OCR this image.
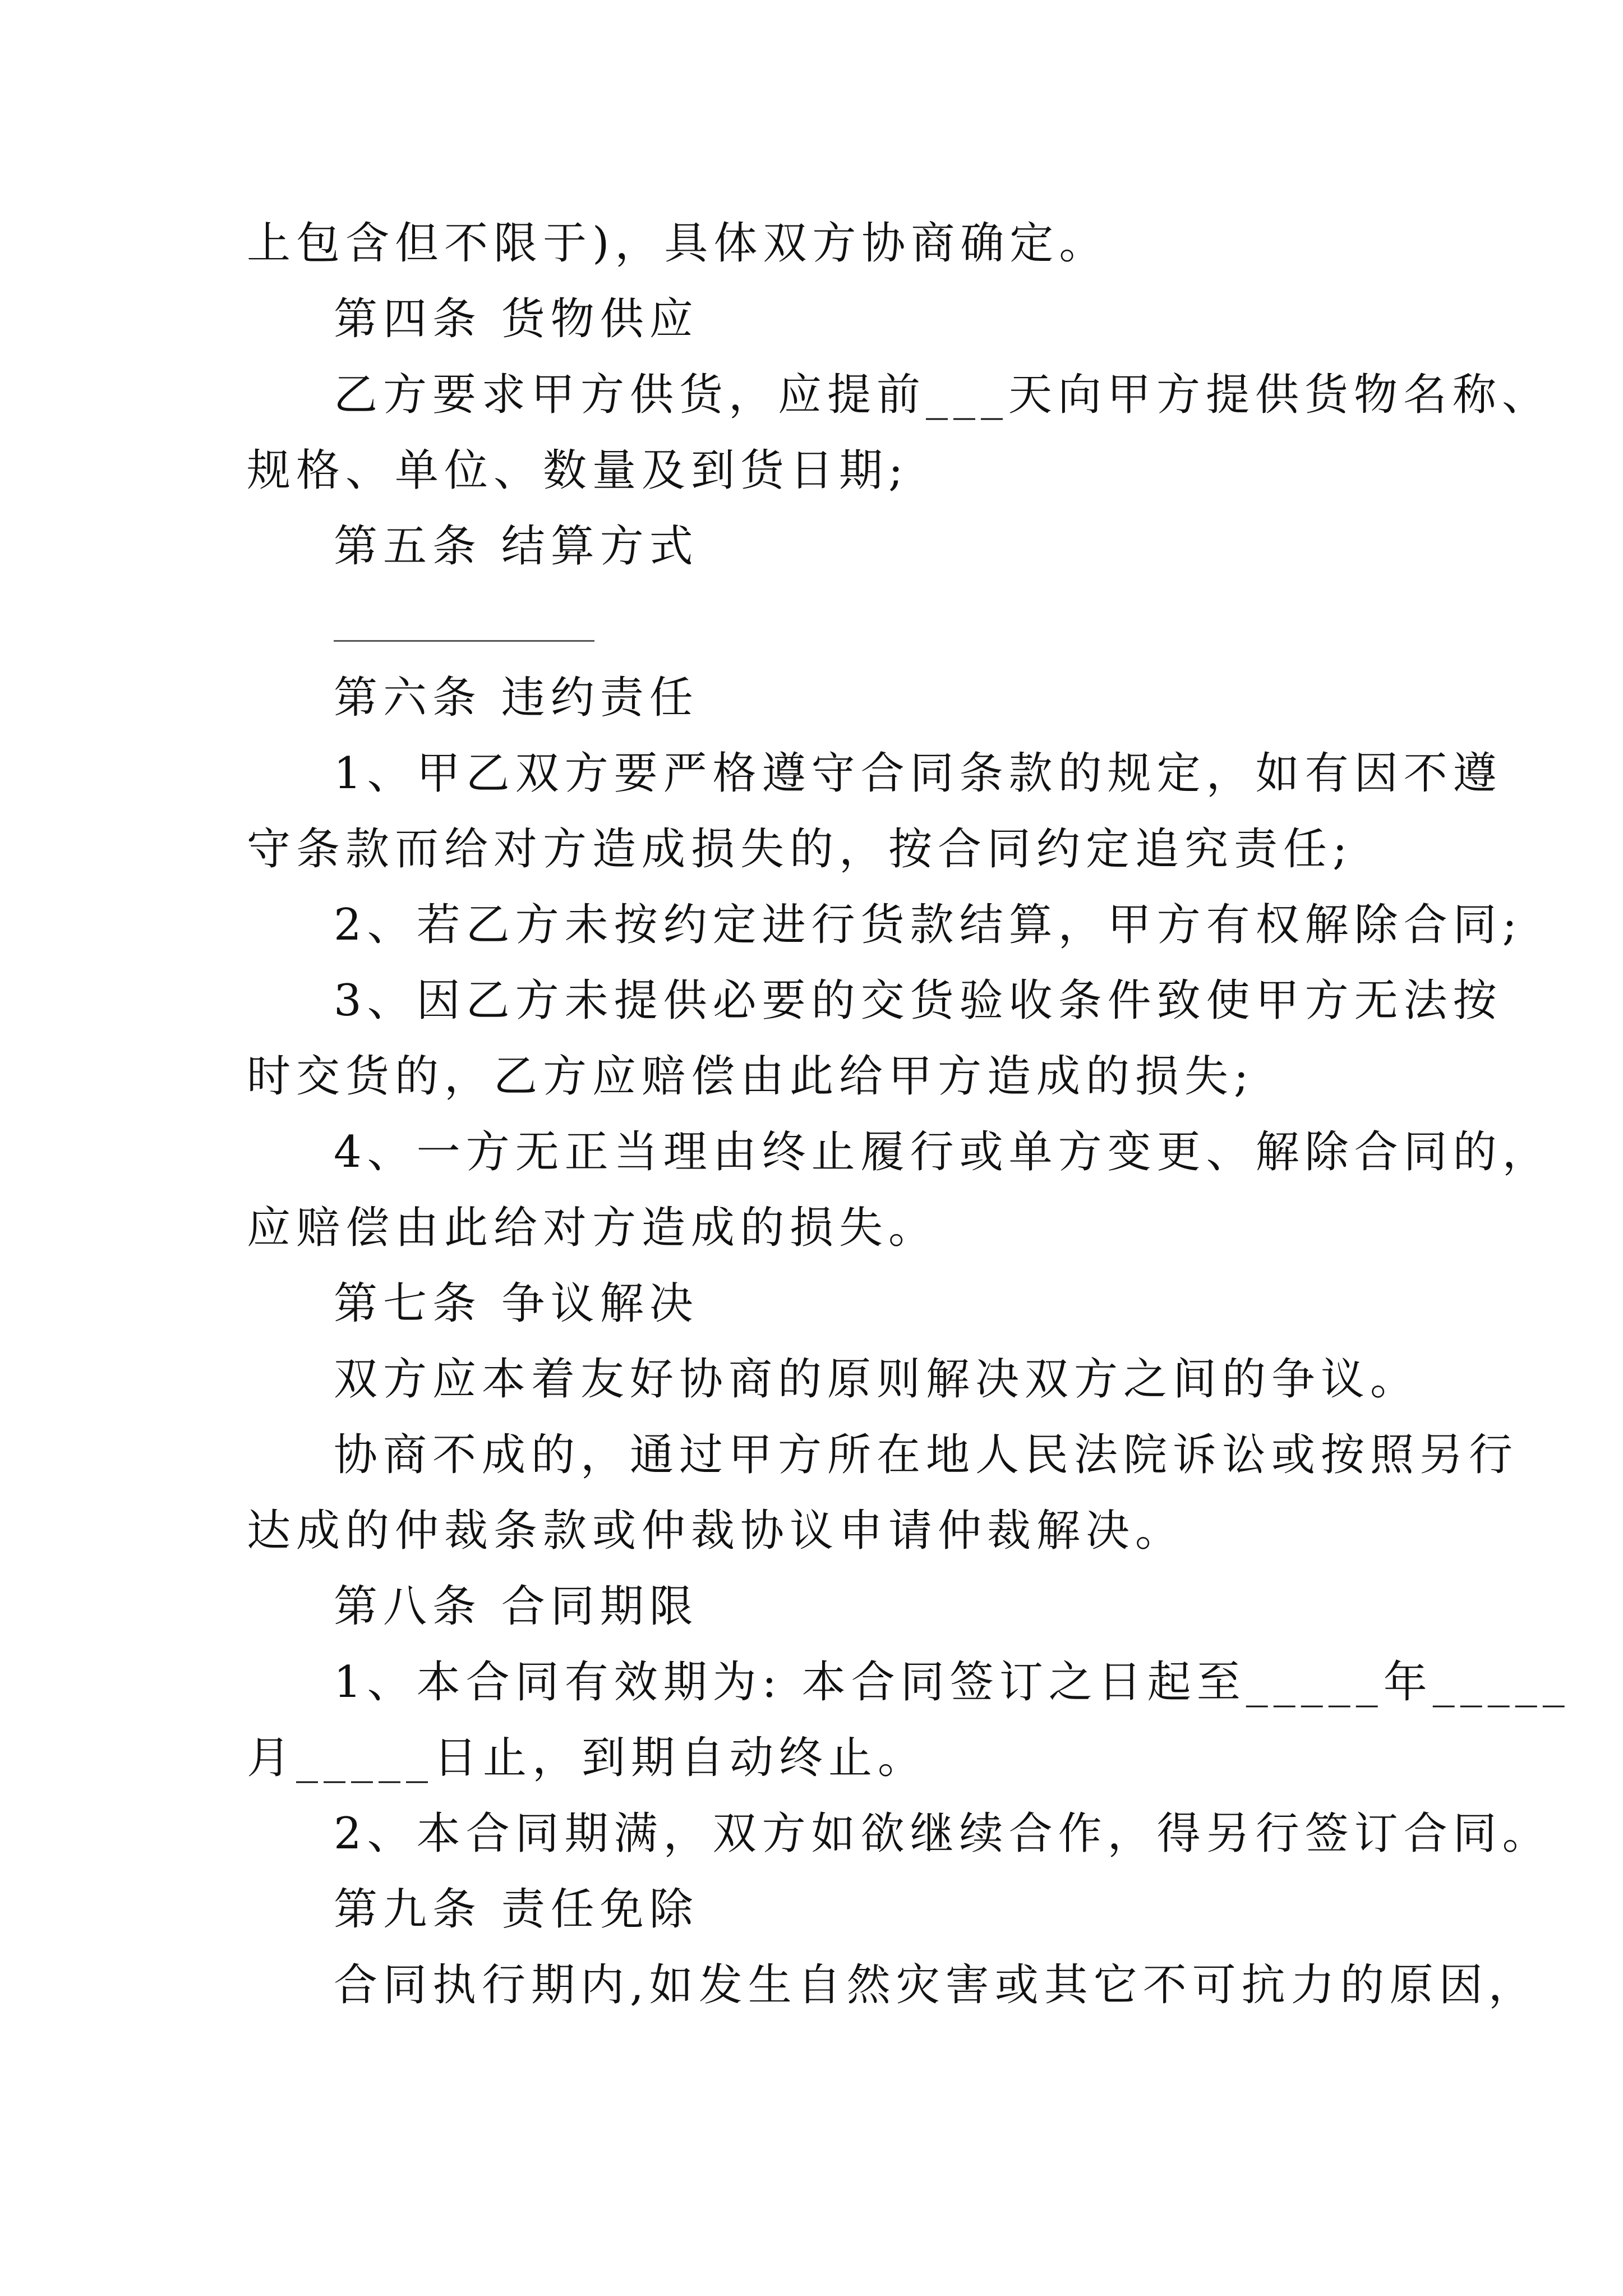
上包含但不限于)，具体双方协商确定。
第四条 货物供应
乙方要求甲方供货，应提前___天向甲方提供货物名称、
规格、单位、数量及到货日期;
第五条 结算方式
第六条 违约责任
1、甲乙双方要严格遵守合同条款的规定，如有因不遵
守条款而给对方造成损失的，按合同约定追究责任;
2、若乙方未按约定进行货款结算，甲方有权解除合同;
3、因乙方未提供必要的交货验收条件致使甲方无法按
时交货的，乙方应赔偿由此给甲方造成的损失;
4、一方无正当理由终止履行或单方变更、解除合同的，
应赔偿由此给对方造成的损失。
第七条 争议解决
双方应本着友好协商的原则解决双方之间的争议。
协商不成的，通过甲方所在地人民法院诉讼或按照另行
达成的仲裁条款或仲裁协议申请仲裁解决。
第八条 合同期限
1、本合同有效期为: 本合同签订之日起至_____年_____
月_____日止，到期自动终止。
2、本合同期满，双方如欲继续合作，得另行签订合同。
第九条 责任免除
合同执行期内,如发生自然灾害或其它不可抗力的原因，
